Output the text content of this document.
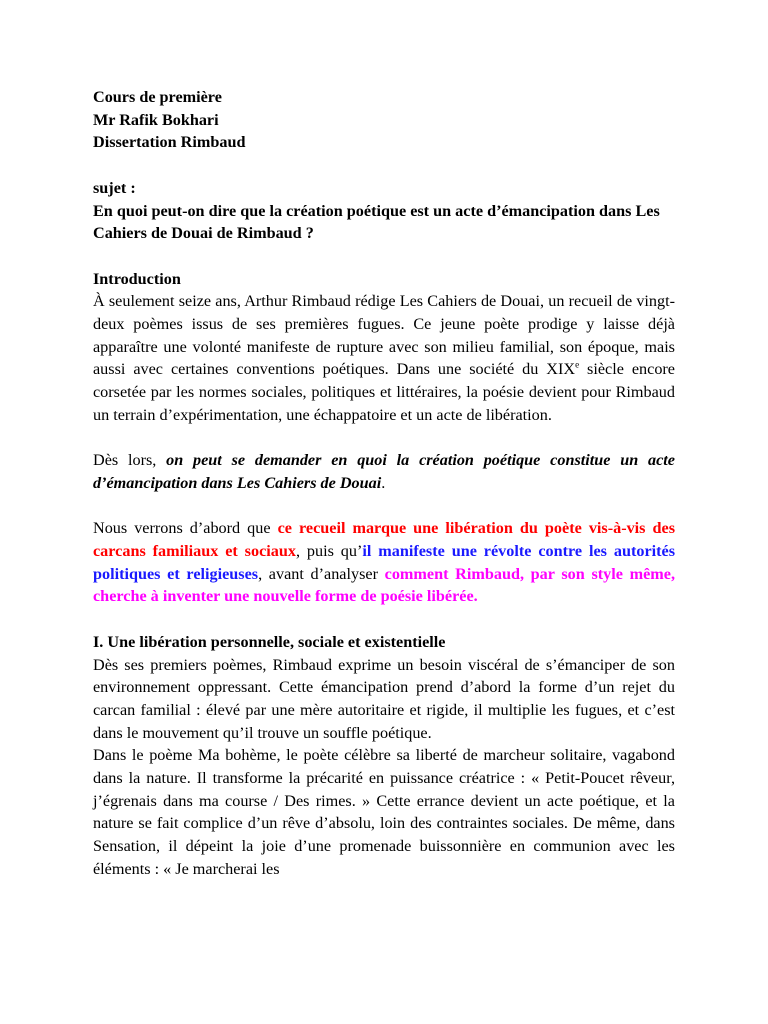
Cours de première

Mr Rafik Bokhari

Dissertation Rimbaud

sujet :

En quoi peut-on dire que la création poétique est un acte d’émancipation dans Les Cahiers de Douai de Rimbaud ?

Introduction

À seulement seize ans, Arthur Rimbaud rédige Les Cahiers de Douai, un recueil de vingt-deux poèmes issus de ses premières fugues. Ce jeune poète prodige y laisse déjà apparaître une volonté manifeste de rupture avec son milieu familial, son époque, mais aussi avec certaines conventions poétiques. Dans une société du XIXe siècle encore corsetée par les normes sociales, politiques et littéraires, la poésie devient pour Rimbaud un terrain d’expérimentation, une échappatoire et un acte de libération.

Dès lors, on peut se demander en quoi la création poétique constitue un acte d’émancipation dans Les Cahiers de Douai.

Nous verrons d’abord que ce recueil marque une libération du poète vis-à-vis des carcans familiaux et sociaux, puis qu’il manifeste une révolte contre les autorités politiques et religieuses, avant d’analyser comment Rimbaud, par son style même, cherche à inventer une nouvelle forme de poésie libérée.

I. Une libération personnelle, sociale et existentielle

Dès ses premiers poèmes, Rimbaud exprime un besoin viscéral de s’émanciper de son environnement oppressant. Cette émancipation prend d’abord la forme d’un rejet du carcan familial : élevé par une mère autoritaire et rigide, il multiplie les fugues, et c’est dans le mouvement qu’il trouve un souffle poétique.

Dans le poème Ma bohème, le poète célèbre sa liberté de marcheur solitaire, vagabond dans la nature. Il transforme la précarité en puissance créatrice : « Petit-Poucet rêveur, j’égrenais dans ma course / Des rimes. » Cette errance devient un acte poétique, et la nature se fait complice d’un rêve d’absolu, loin des contraintes sociales. De même, dans Sensation, il dépeint la joie d’une promenade buissonnière en communion avec les éléments : « Je marcherai les
